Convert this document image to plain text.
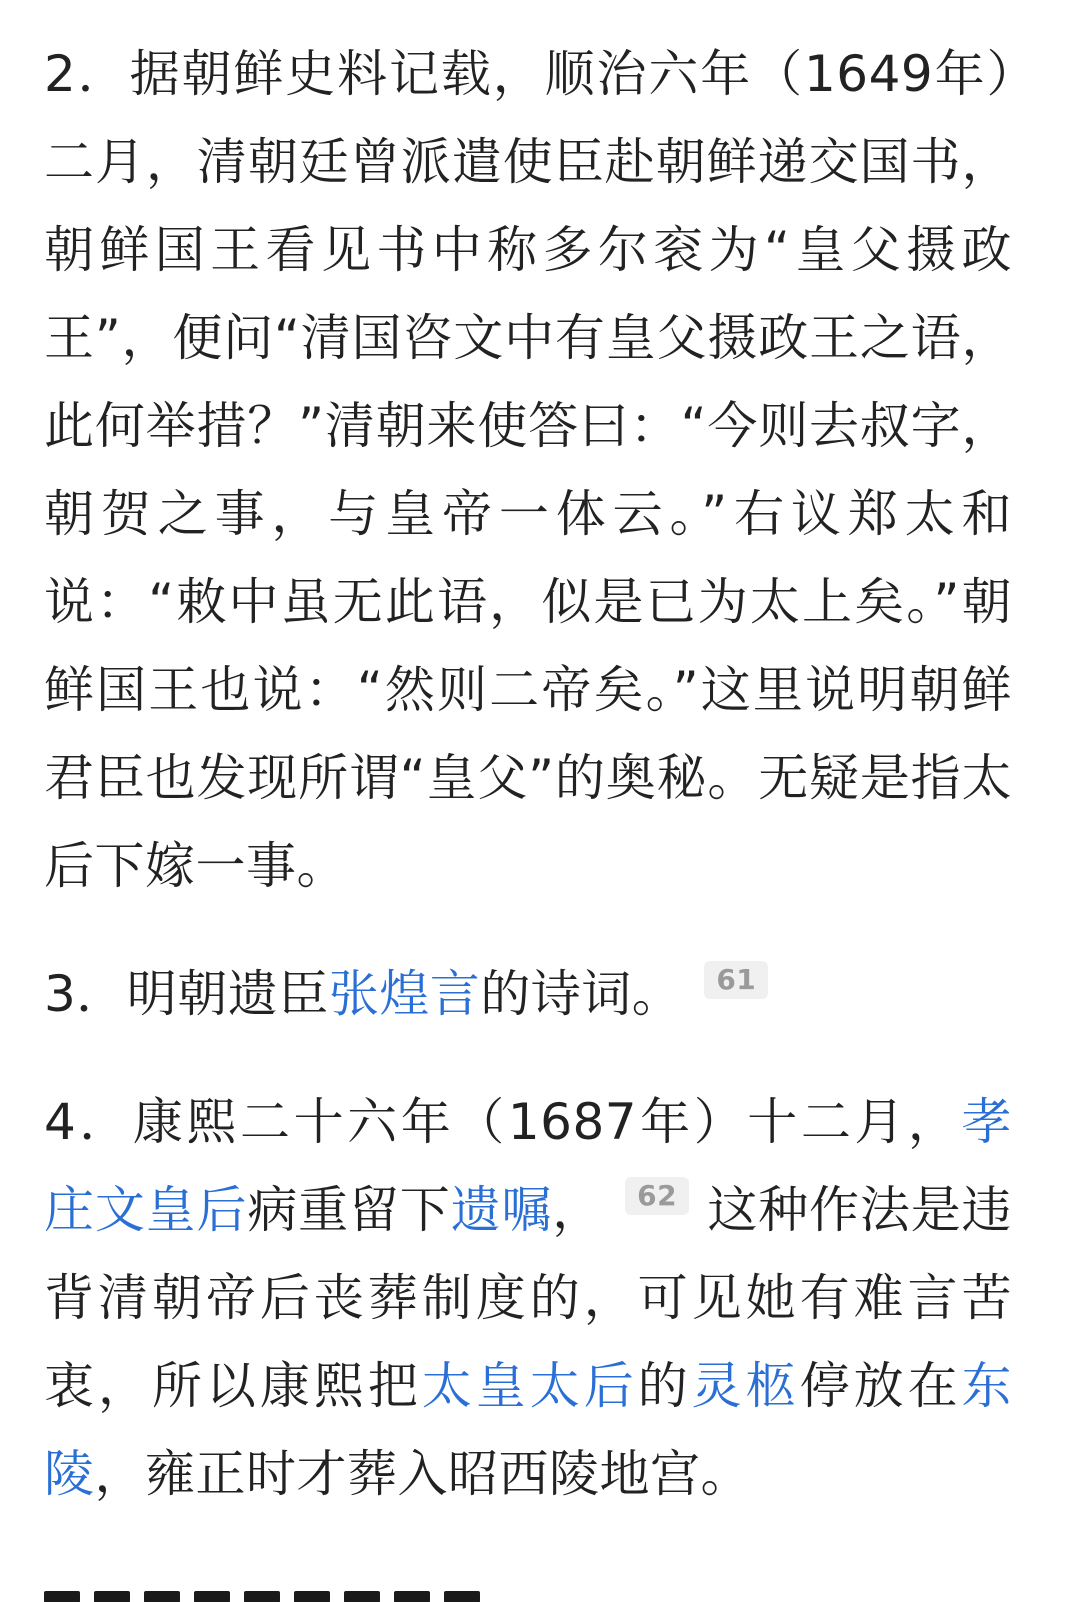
2．据朝鲜史料记载，顺治六年（1649年）二月，清朝廷曾派遣使臣赴朝鲜递交国书，朝鲜国王看见书中称多尔衮为“皇父摄政王”，便问“清国咨文中有皇父摄政王之语，此何举措？”清朝来使答曰：“今则去叔字，朝贺之事，与皇帝一体云。”右议郑太和说：“敕中虽无此语，似是已为太上矣。”朝鲜国王也说：“然则二帝矣。”这里说明朝鲜君臣也发现所谓“皇父”的奥秘。无疑是指太后下嫁一事。

3．明朝遗臣张煌言的诗词。 61

4．康熙二十六年（1687年）十二月，孝庄文皇后病重留下遗嘱， 62 这种作法是违背清朝帝后丧葬制度的，可见她有难言苦衷，所以康熙把太皇太后的灵柩停放在东陵，雍正时才葬入昭西陵地宫。
